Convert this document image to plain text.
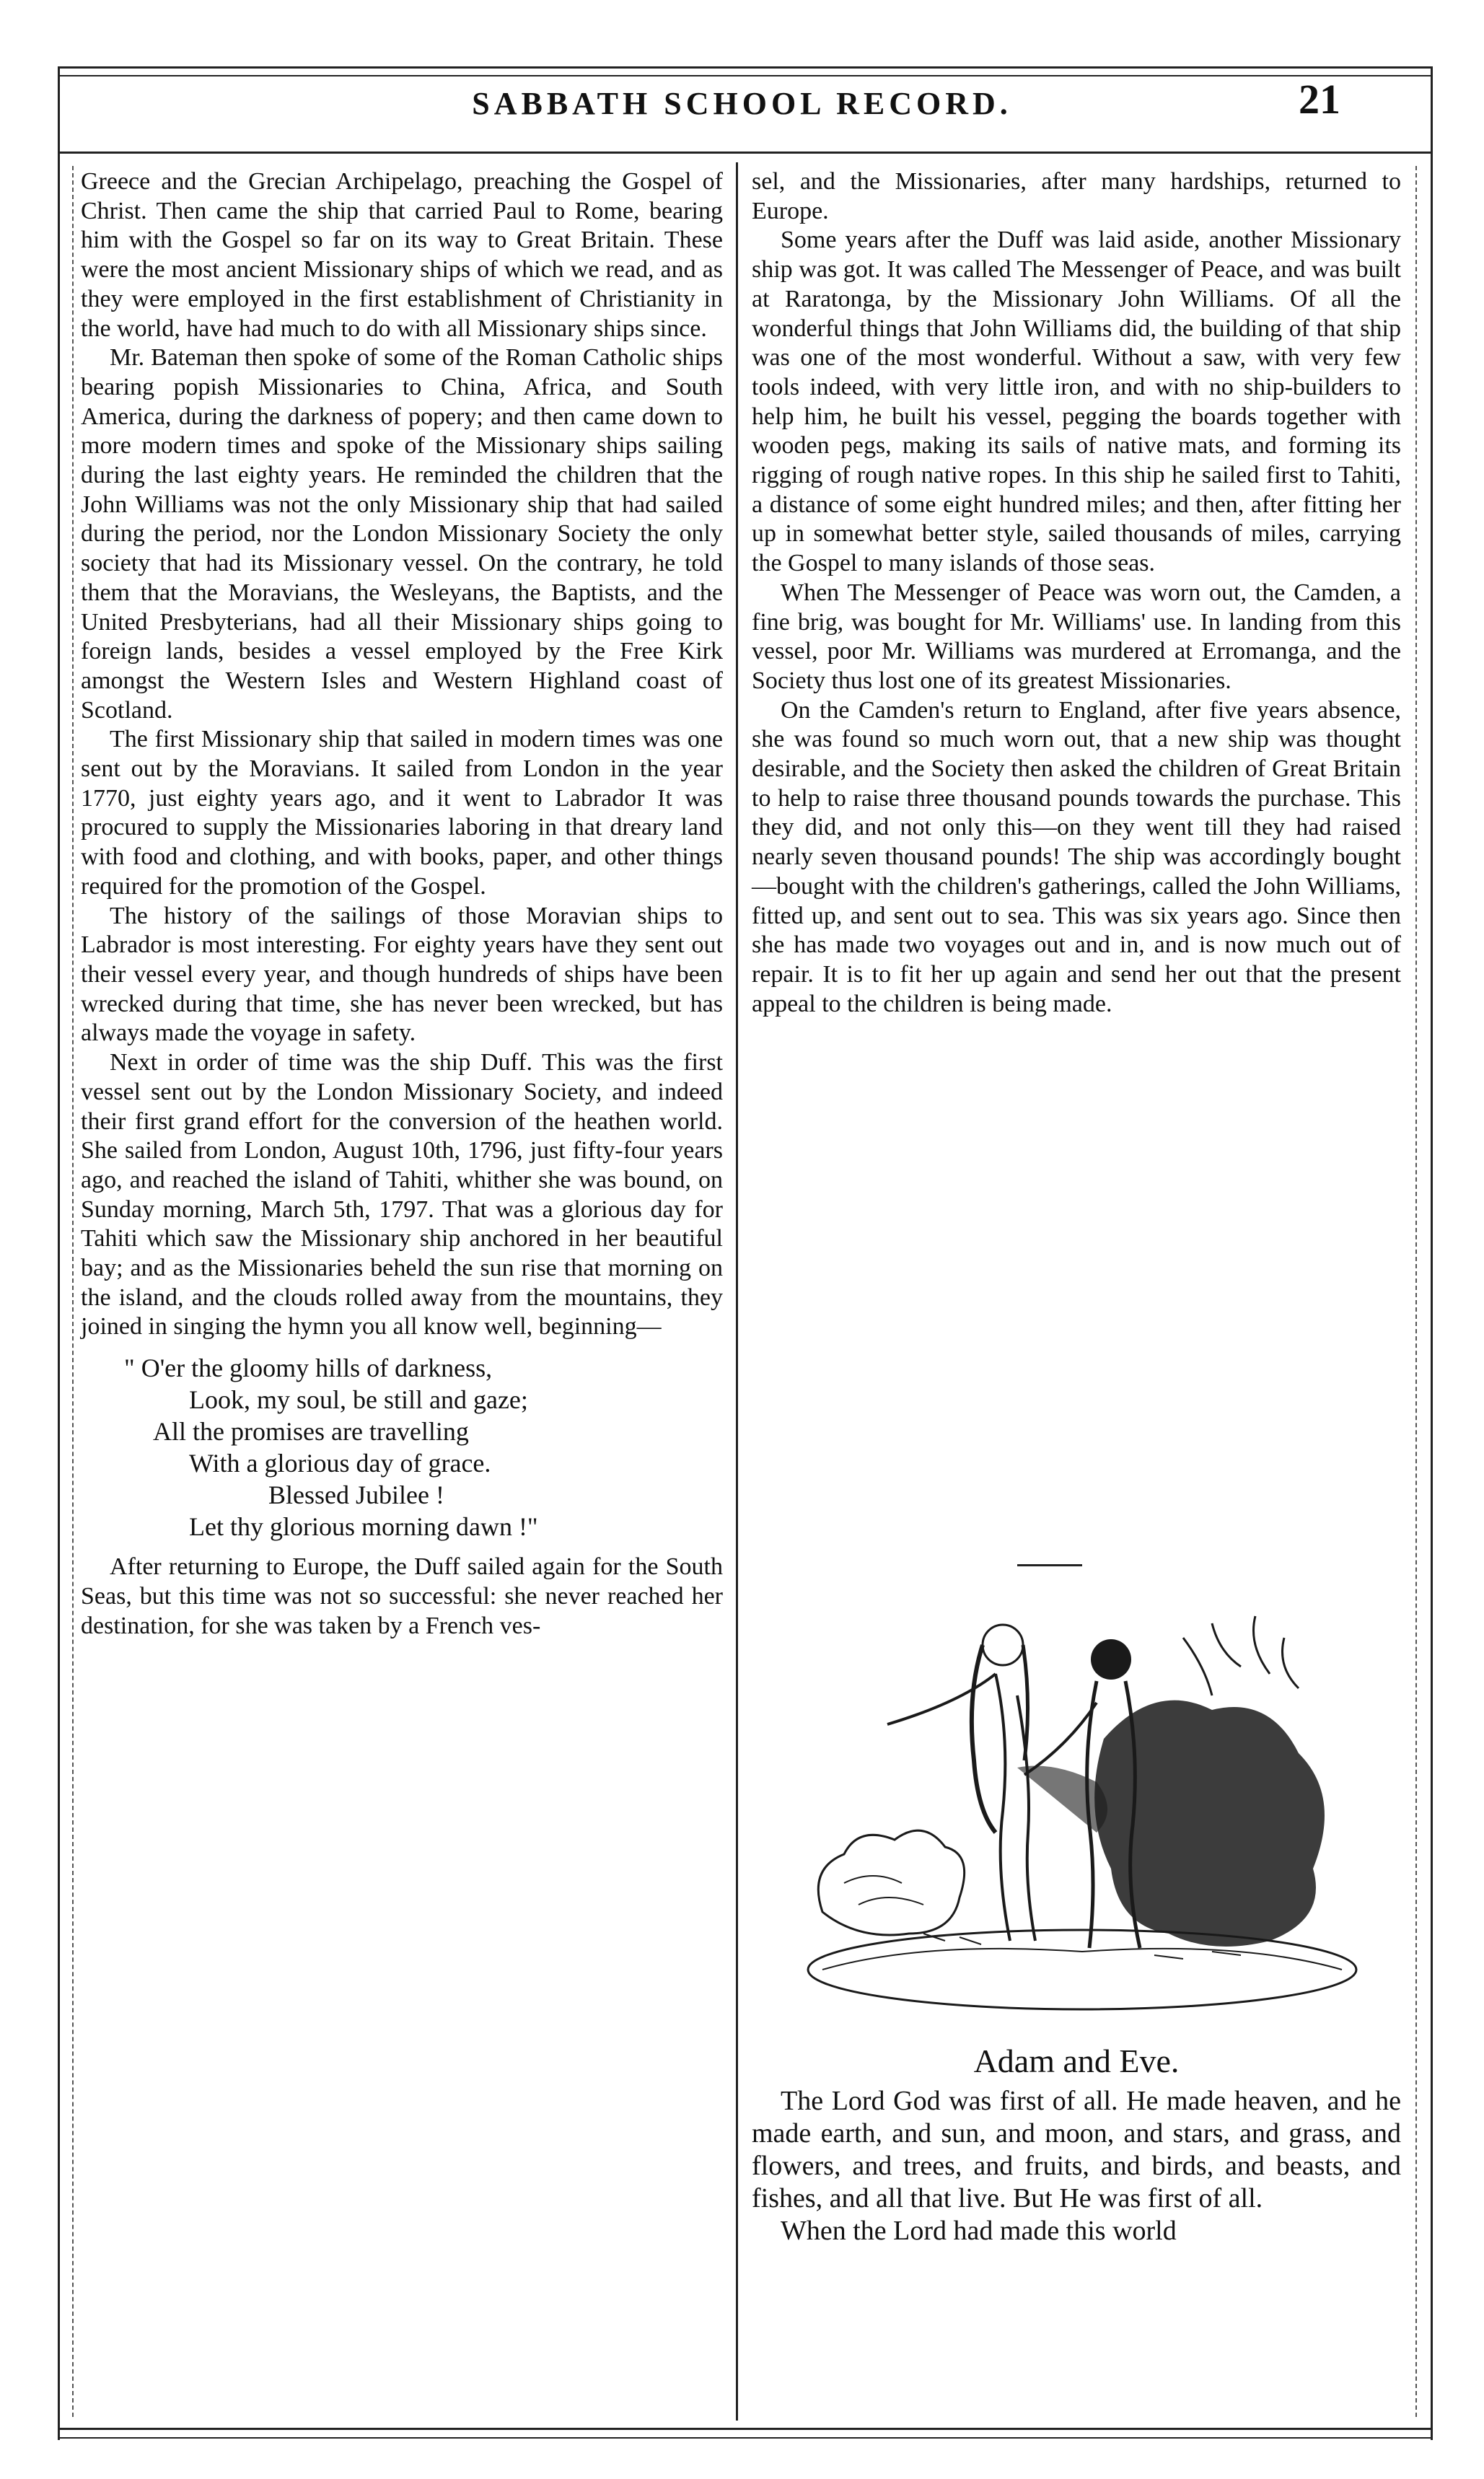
SABBATH SCHOOL RECORD.	21

Greece and the Grecian Archipelago, preaching the Gospel of Christ. Then came the ship that carried Paul to Rome, bearing him with the Gospel so far on its way to Great Britain. These were the most ancient Missionary ships of which we read, and as they were employed in the first establishment of Christianity in the world, have had much to do with all Missionary ships since.

Mr. Bateman then spoke of some of the Roman Catholic ships bearing popish Missionaries to China, Africa, and South America, during the darkness of popery; and then came down to more modern times and spoke of the Missionary ships sailing during the last eighty years. He reminded the children that the John Williams was not the only Missionary ship that had sailed during the period, nor the London Missionary Society the only society that had its Missionary vessel. On the contrary, he told them that the Moravians, the Wesleyans, the Baptists, and the United Presbyterians, had all their Missionary ships going to foreign lands, besides a vessel employed by the Free Kirk amongst the Western Isles and Western Highland coast of Scotland.

The first Missionary ship that sailed in modern times was one sent out by the Moravians. It sailed from London in the year 1770, just eighty years ago, and it went to Labrador It was procured to supply the Missionaries laboring in that dreary land with food and clothing, and with books, paper, and other things required for the promotion of the Gospel.

The history of the sailings of those Moravian ships to Labrador is most interesting. For eighty years have they sent out their vessel every year, and though hundreds of ships have been wrecked during that time, she has never been wrecked, but has always made the voyage in safety.

Next in order of time was the ship Duff. This was the first vessel sent out by the London Missionary Society, and indeed their first grand effort for the conversion of the heathen world. She sailed from London, August 10th, 1796, just fifty-four years ago, and reached the island of Tahiti, whither she was bound, on Sunday morning, March 5th, 1797. That was a glorious day for Tahiti which saw the Missionary ship anchored in her beautiful bay; and as the Missionaries beheld the sun rise that morning on the island, and the clouds rolled away from the mountains, they joined in singing the hymn you all know well, beginning—

" O'er the gloomy hills of darkness,
Look, my soul, be still and gaze;
All the promises are travelling
With a glorious day of grace.
Blessed Jubilee !
Let thy glorious morning dawn !"

After returning to Europe, the Duff sailed again for the South Seas, but this time was not so successful: she never reached her destination, for she was taken by a French ves-

sel, and the Missionaries, after many hardships, returned to Europe.

Some years after the Duff was laid aside, another Missionary ship was got. It was called The Messenger of Peace, and was built at Raratonga, by the Missionary John Williams. Of all the wonderful things that John Williams did, the building of that ship was one of the most wonderful. Without a saw, with very few tools indeed, with very little iron, and with no ship-builders to help him, he built his vessel, pegging the boards together with wooden pegs, making its sails of native mats, and forming its rigging of rough native ropes. In this ship he sailed first to Tahiti, a distance of some eight hundred miles; and then, after fitting her up in somewhat better style, sailed thousands of miles, carrying the Gospel to many islands of those seas.

When The Messenger of Peace was worn out, the Camden, a fine brig, was bought for Mr. Williams' use. In landing from this vessel, poor Mr. Williams was murdered at Erromanga, and the Society thus lost one of its greatest Missionaries.

On the Camden's return to England, after five years absence, she was found so much worn out, that a new ship was thought desirable, and the Society then asked the children of Great Britain to help to raise three thousand pounds towards the purchase. This they did, and not only this—on they went till they had raised nearly seven thousand pounds! The ship was accordingly bought—bought with the children's gatherings, called the John Williams, fitted up, and sent out to sea. This was six years ago. Since then she has made two voyages out and in, and is now much out of repair. It is to fit her up again and send her out that the present appeal to the children is being made.

Adam and Eve.

The Lord God was first of all. He made heaven, and he made earth, and sun, and moon, and stars, and grass, and flowers, and trees, and fruits, and birds, and beasts, and fishes, and all that live. But He was first of all.

When the Lord had made this world
